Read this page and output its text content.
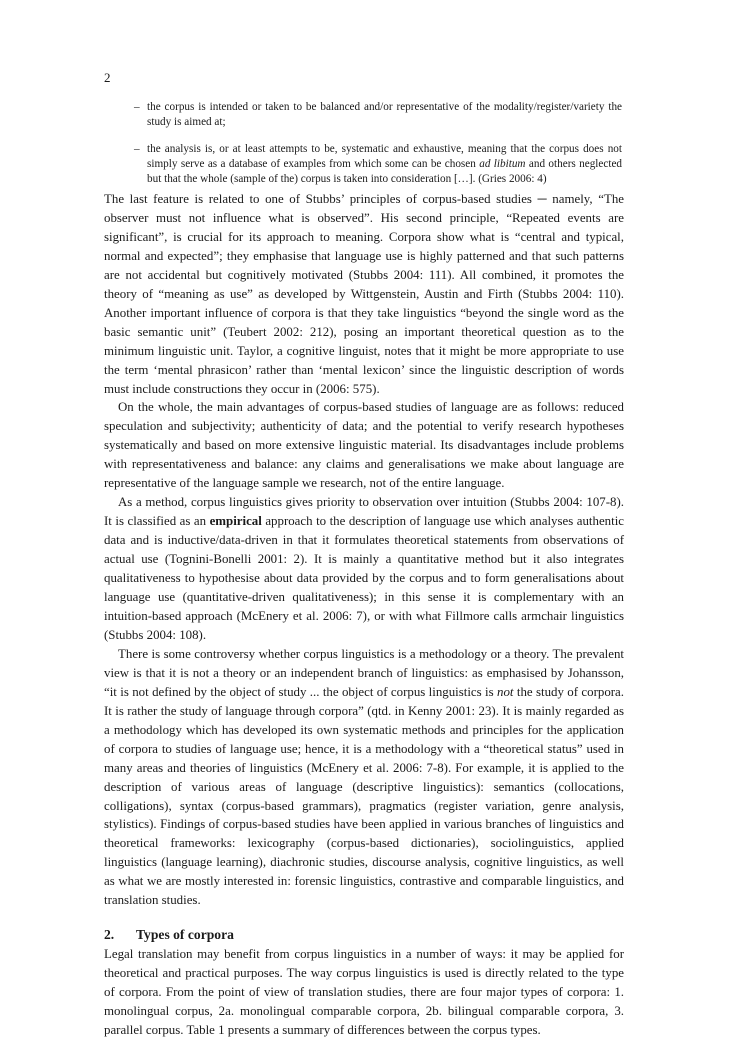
2
– the corpus is intended or taken to be balanced and/or representative of the modality/register/variety the study is aimed at;
– the analysis is, or at least attempts to be, systematic and exhaustive, meaning that the corpus does not simply serve as a database of examples from which some can be chosen ad libitum and others neglected but that the whole (sample of the) corpus is taken into consideration […]. (Gries 2006: 4)

The last feature is related to one of Stubbs’ principles of corpus-based studies ─ namely, “The observer must not influence what is observed”. His second principle, “Repeated events are significant”, is crucial for its approach to meaning. Corpora show what is “central and typical, normal and expected”; they emphasise that language use is highly patterned and that such patterns are not accidental but cognitively motivated (Stubbs 2004: 111). All combined, it promotes the theory of “meaning as use” as developed by Wittgenstein, Austin and Firth (Stubbs 2004: 110). Another important influence of corpora is that they take linguistics “beyond the single word as the basic semantic unit” (Teubert 2002: 212), posing an important theoretical question as to the minimum linguistic unit. Taylor, a cognitive linguist, notes that it might be more appropriate to use the term ‘mental phrasicon’ rather than ‘mental lexicon’ since the linguistic description of words must include constructions they occur in (2006: 575).

On the whole, the main advantages of corpus-based studies of language are as follows: reduced speculation and subjectivity; authenticity of data; and the potential to verify research hypotheses systematically and based on more extensive linguistic material. Its disadvantages include problems with representativeness and balance: any claims and generalisations we make about language are representative of the language sample we research, not of the entire language.

As a method, corpus linguistics gives priority to observation over intuition (Stubbs 2004: 107-8). It is classified as an empirical approach to the description of language use which analyses authentic data and is inductive/data-driven in that it formulates theoretical statements from observations of actual use (Tognini-Bonelli 2001: 2). It is mainly a quantitative method but it also integrates qualitativeness to hypothesise about data provided by the corpus and to form generalisations about language use (quantitative-driven qualitativeness); in this sense it is complementary with an intuition-based approach (McEnery et al. 2006: 7), or with what Fillmore calls armchair linguistics (Stubbs 2004: 108).

There is some controversy whether corpus linguistics is a methodology or a theory. The prevalent view is that it is not a theory or an independent branch of linguistics: as emphasised by Johansson, “it is not defined by the object of study ... the object of corpus linguistics is not the study of corpora. It is rather the study of language through corpora” (qtd. in Kenny 2001: 23). It is mainly regarded as a methodology which has developed its own systematic methods and principles for the application of corpora to studies of language use; hence, it is a methodology with a “theoretical status” used in many areas and theories of linguistics (McEnery et al. 2006: 7-8). For example, it is applied to the description of various areas of language (descriptive linguistics): semantics (collocations, colligations), syntax (corpus-based grammars), pragmatics (register variation, genre analysis, stylistics). Findings of corpus-based studies have been applied in various branches of linguistics and theoretical frameworks: lexicography (corpus-based dictionaries), sociolinguistics, applied linguistics (language learning), diachronic studies, discourse analysis, cognitive linguistics, as well as what we are mostly interested in: forensic linguistics, contrastive and comparable linguistics, and translation studies.

2. Types of corpora

Legal translation may benefit from corpus linguistics in a number of ways: it may be applied for theoretical and practical purposes. The way corpus linguistics is used is directly related to the type of corpora. From the point of view of translation studies, there are four major types of corpora: 1. monolingual corpus, 2a. monolingual comparable corpora, 2b. bilingual comparable corpora, 3. parallel corpus. Table 1 presents a summary of differences between the corpus types.
